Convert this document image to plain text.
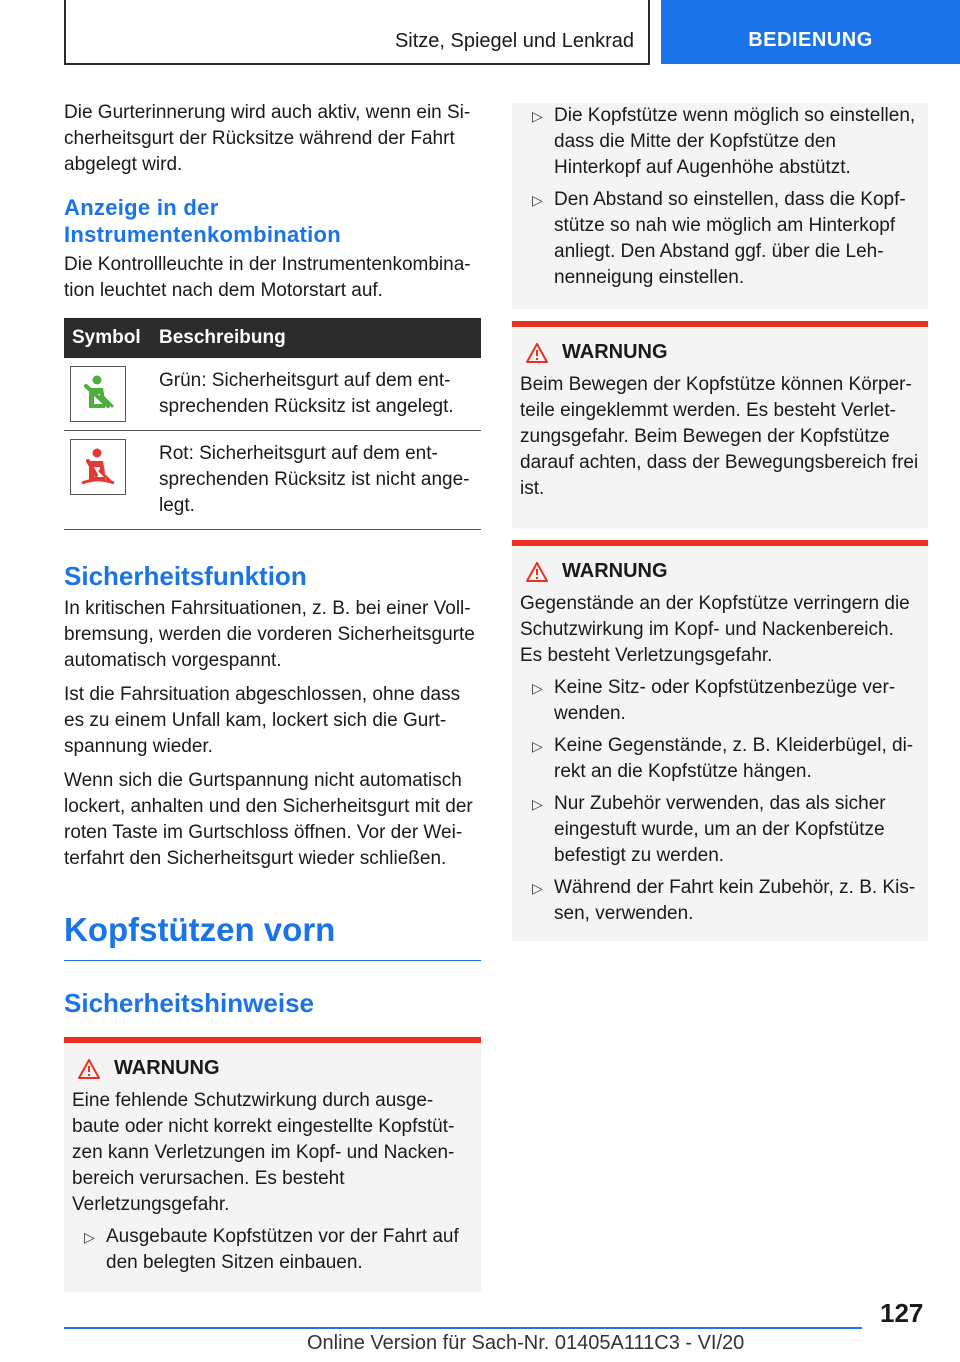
Sitze, Spiegel und Lenkrad	BEDIENUNG

Die Gurterinnerung wird auch aktiv, wenn ein Sicherheitsgurt der Rücksitze während der Fahrt abgelegt wird.

Anzeige in der Instrumentenkombination

Die Kontrollleuchte in der Instrumentenkombination leuchtet nach dem Motorstart auf.

Symbol	Beschreibung

	Grün: Sicherheitsgurt auf dem entsprechenden Rücksitz ist angelegt.

	Rot: Sicherheitsgurt auf dem entsprechenden Rücksitz ist nicht angelegt.
Sicherheitsfunktion

In kritischen Fahrsituationen, z. B. bei einer Vollbremsung, werden die vorderen Sicherheitsgurte automatisch vorgespannt.

Ist die Fahrsituation abgeschlossen, ohne dass es zu einem Unfall kam, lockert sich die Gurtspannung wieder.

Wenn sich die Gurtspannung nicht automatisch lockert, anhalten und den Sicherheitsgurt mit der roten Taste im Gurtschloss öffnen. Vor der Weiterfahrt den Sicherheitsgurt wieder schließen.

Kopfstützen vorn
Sicherheitshinweise
WARNUNG

Eine fehlende Schutzwirkung durch ausgebaute oder nicht korrekt eingestellte Kopfstützen kann Verletzungen im Kopf- und Nackenbereich verursachen. Es besteht Verletzungsgefahr.

▷ Ausgebaute Kopfstützen vor der Fahrt auf den belegten Sitzen einbauen.
▷ Die Kopfstütze wenn möglich so einstellen, dass die Mitte der Kopfstütze den Hinterkopf auf Augenhöhe abstützt.
▷ Den Abstand so einstellen, dass die Kopfstütze so nah wie möglich am Hinterkopf anliegt. Den Abstand ggf. über die Lehnenneigung einstellen.
WARNUNG

Beim Bewegen der Kopfstütze können Körperteile eingeklemmt werden. Es besteht Verletzungsgefahr. Beim Bewegen der Kopfstütze darauf achten, dass der Bewegungsbereich frei ist.

WARNUNG

Gegenstände an der Kopfstütze verringern die Schutzwirkung im Kopf- und Nackenbereich. Es besteht Verletzungsgefahr.

▷ Keine Sitz- oder Kopfstützenbezüge verwenden.
▷ Keine Gegenstände, z. B. Kleiderbügel, direkt an die Kopfstütze hängen.
▷ Nur Zubehör verwenden, das als sicher eingestuft wurde, um an der Kopfstütze befestigt zu werden.
▷ Während der Fahrt kein Zubehör, z. B. Kissen, verwenden.
127
Online Version für Sach-Nr. 01405A111C3 - VI/20
